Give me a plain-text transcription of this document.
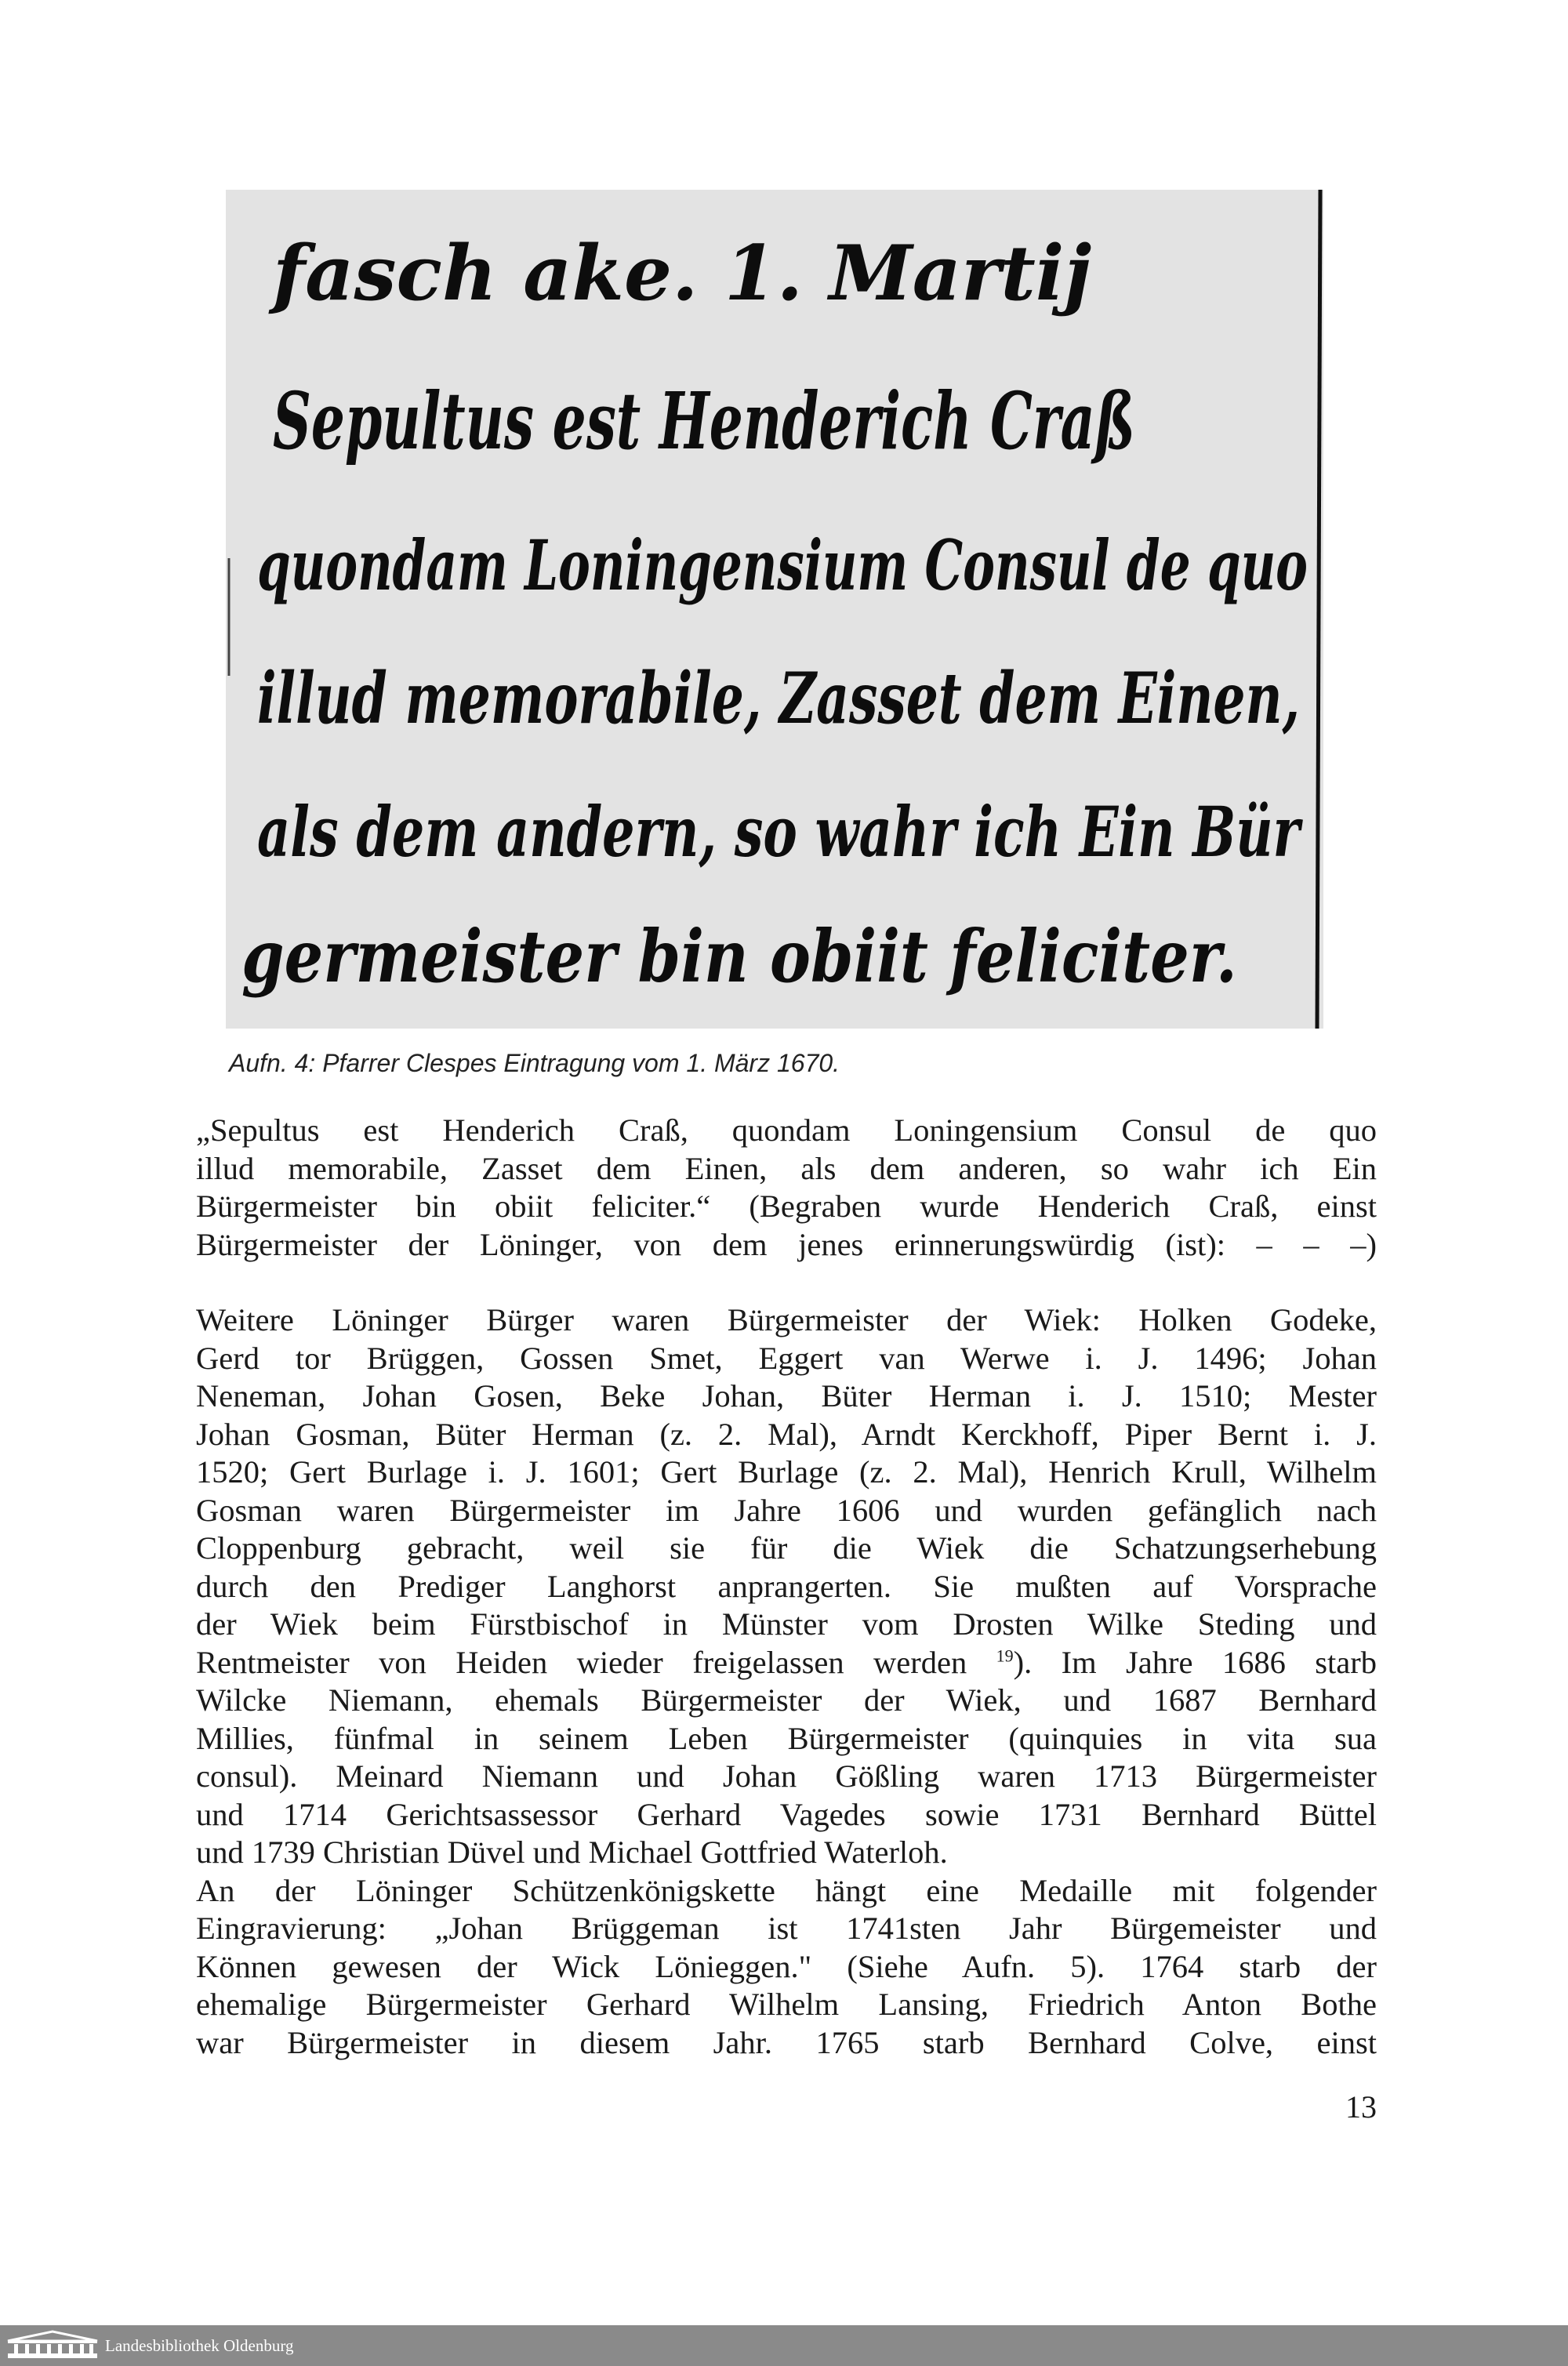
fasch ake. 1. Martij
Sepultus est Henderich Craß
quondam Loningensium Consul de quo
illud memorabile, Zasset dem Einen,
als dem andern, so wahr ich Ein Bür
germeister bin obiit feliciter.
Aufn. 4: Pfarrer Clespes Eintragung vom 1. März 1670.

„Sepultus est Henderich Craß, quondam Loningensium Consul de quo

illud memorabile, Zasset dem Einen, als dem anderen, so wahr ich Ein

Bürgermeister bin obiit feliciter.“ (Begraben wurde Henderich Craß, einst

Bürgermeister der Löninger, von dem jenes erinnerungswürdig (ist): – – –)

Weitere Löninger Bürger waren Bürgermeister der Wiek: Holken Godeke,

Gerd tor Brüggen, Gossen Smet, Eggert van Werwe i. J. 1496; Johan

Neneman, Johan Gosen, Beke Johan, Büter Herman i. J. 1510; Mester

Johan Gosman, Büter Herman (z. 2. Mal), Arndt Kerckhoff, Piper Bernt i. J.

1520; Gert Burlage i. J. 1601; Gert Burlage (z. 2. Mal), Henrich Krull, Wilhelm

Gosman waren Bürgermeister im Jahre 1606 und wurden gefänglich nach

Cloppenburg gebracht, weil sie für die Wiek die Schatzungserhebung

durch den Prediger Langhorst anprangerten. Sie mußten auf Vorsprache

der Wiek beim Fürstbischof in Münster vom Drosten Wilke Steding und

Rentmeister von Heiden wieder freigelassen werden $^{19}$). Im Jahre 1686 starb

Wilcke Niemann, ehemals Bürgermeister der Wiek, und 1687 Bernhard

Millies, fünfmal in seinem Leben Bürgermeister (quinquies in vita sua

consul). Meinard Niemann und Johan Gößling waren 1713 Bürgermeister

und 1714 Gerichtsassessor Gerhard Vagedes sowie 1731 Bernhard Büttel

und 1739 Christian Düvel und Michael Gottfried Waterloh.

An der Löninger Schützenkönigskette hängt eine Medaille mit folgender

Eingravierung: „Johan Brüggeman ist 1741sten Jahr Bürgemeister und

Können gewesen der Wick Lönieggen." (Siehe Aufn. 5). 1764 starb der

ehemalige Bürgermeister Gerhard Wilhelm Lansing, Friedrich Anton Bothe

war Bürgermeister in diesem Jahr. 1765 starb Bernhard Colve, einst

13
Landesbibliothek Oldenburg
